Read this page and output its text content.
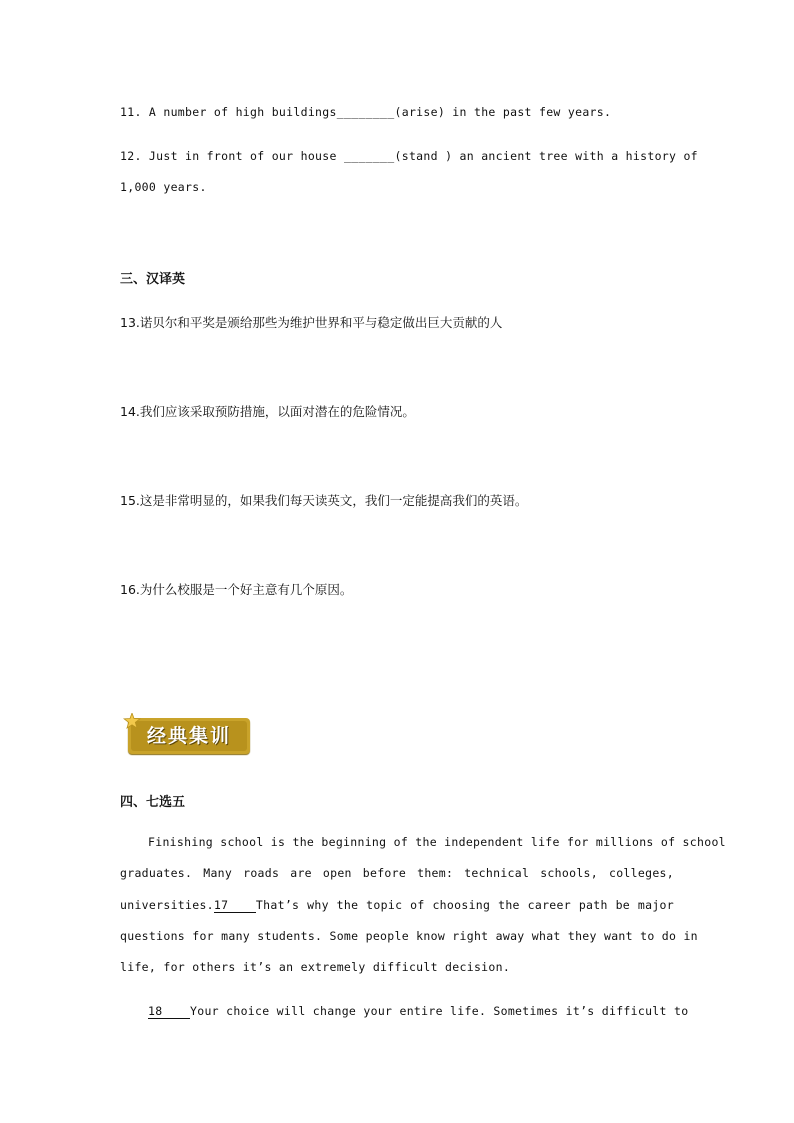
11. A number of high buildings________(arise) in the past few years.
12. Just in front of our house _______(stand ) an ancient tree with a history of
1,000 years.
三、汉译英
13.诺贝尔和平奖是颁给那些为维护世界和平与稳定做出巨大贡献的人
14.我们应该采取预防措施，以面对潜在的危险情况。
15.这是非常明显的，如果我们每天读英文，我们一定能提高我们的英语。
16.为什么校服是一个好主意有几个原因。
经典集训
四、七选五
Finishing school is the beginning of the independent life for millions of school
graduates. Many roads are open before them: technical schools, colleges,
universities.17 That’s why the topic of choosing the career path be major
questions for many students. Some people know right away what they want to do in
life, for others it’s an extremely difficult decision.
18 Your choice will change your entire life. Sometimes it’s difficult to
